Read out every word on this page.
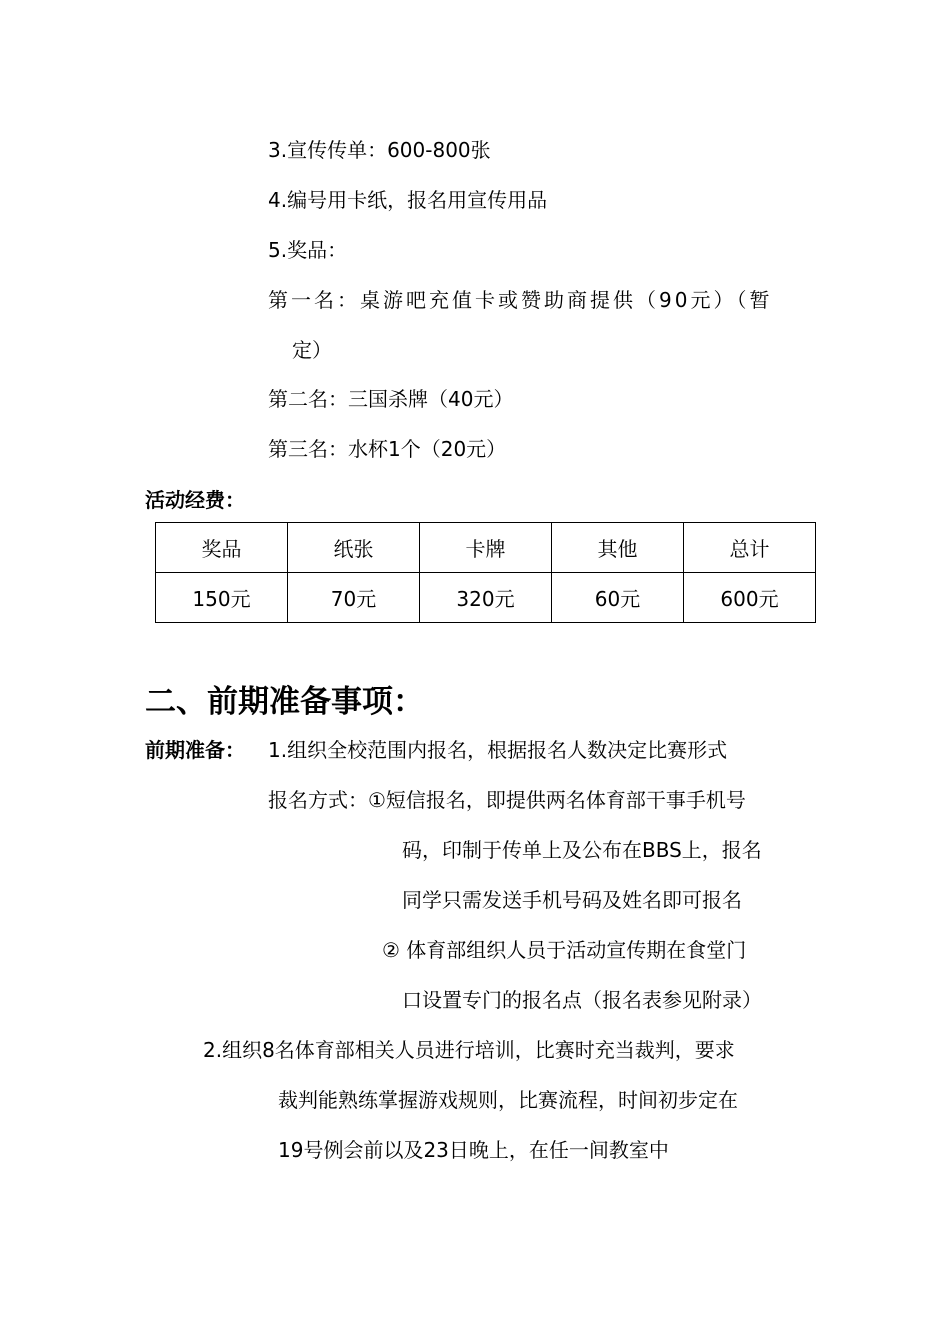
3.宣传传单：600-800张
4.编号用卡纸，报名用宣传用品
5.奖品：
第一名：桌游吧充值卡或赞助商提供（90元）（暂
定）
第二名：三国杀牌（40元）
第三名：水杯1个（20元）
活动经费：
奖品	纸张	卡牌	其他	总计
150元	70元	320元	60元	600元
二、前期准备事项：
前期准备： 1.组织全校范围内报名，根据报名人数决定比赛形式
报名方式：①短信报名，即提供两名体育部干事手机号
码，印制于传单上及公布在BBS上，报名
同学只需发送手机号码及姓名即可报名
② 体育部组织人员于活动宣传期在食堂门
口设置专门的报名点（报名表参见附录）
2.组织8名体育部相关人员进行培训，比赛时充当裁判，要求
裁判能熟练掌握游戏规则，比赛流程，时间初步定在
19号例会前以及23日晚上，在任一间教室中
